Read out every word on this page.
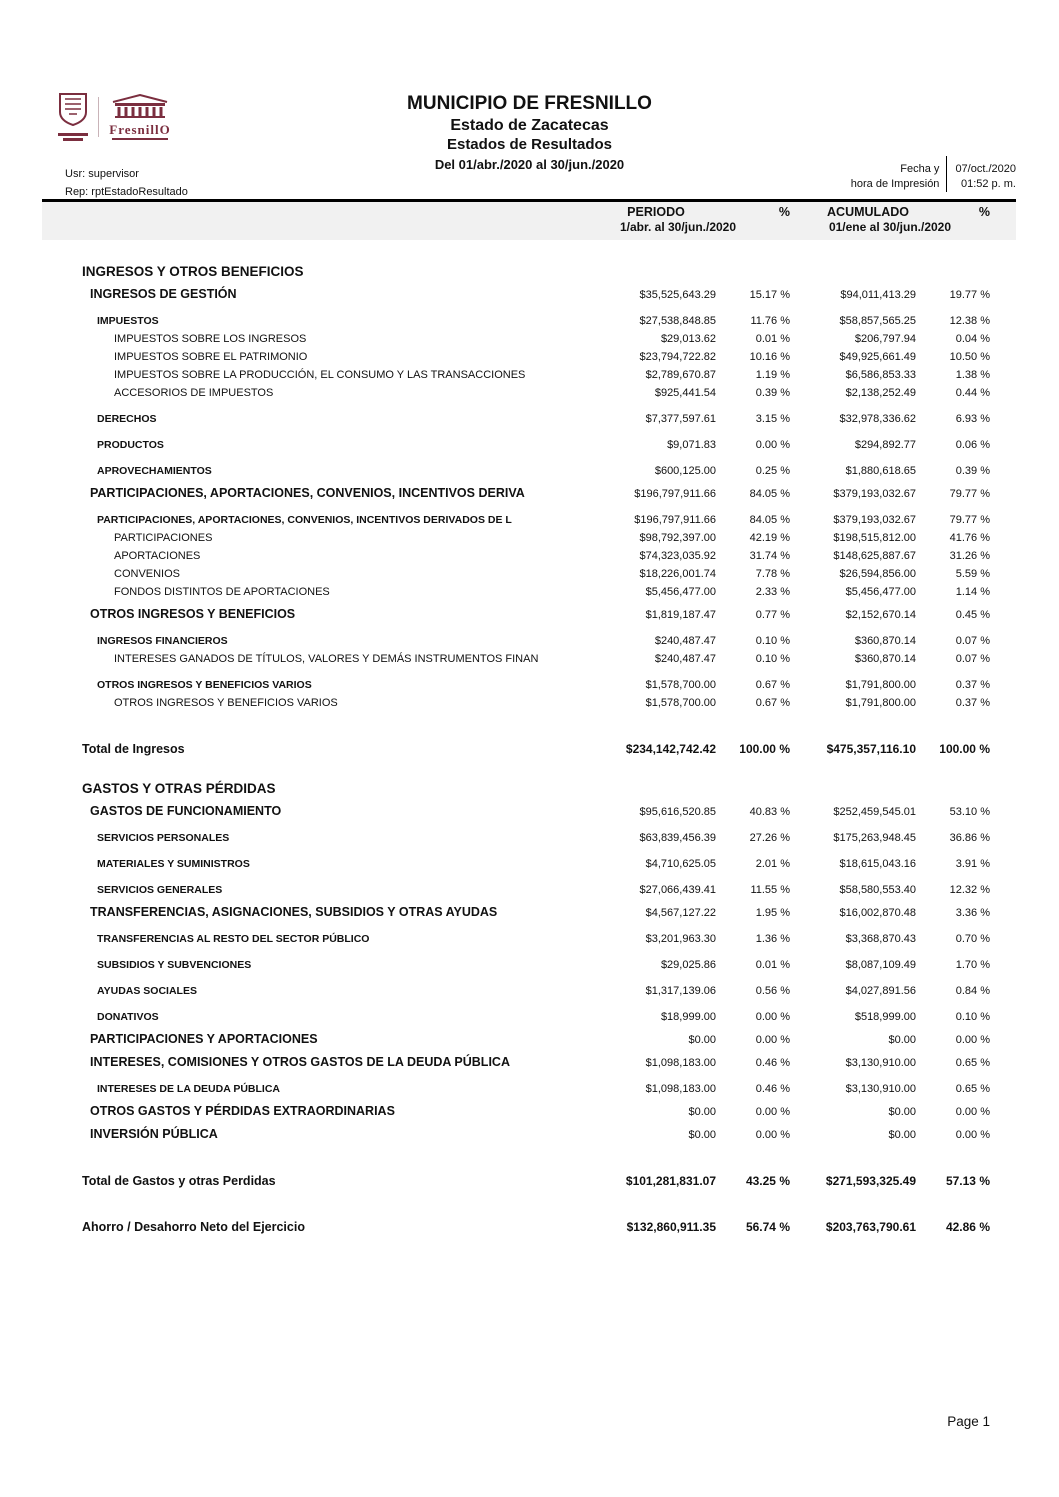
FresnillO
MUNICIPIO DE FRESNILLO
Estado de Zacatecas
Estados de Resultados
Del 01/abr./2020 al 30/jun./2020
Usr: supervisor
Rep: rptEstadoResultado
Fecha y
hora de Impresión
07/oct./2020
01:52 p. m.
PERIODO	%
1/abr. al 30/jun./2020
ACUMULADO	%
01/ene al 30/jun./2020
INGRESOS Y OTROS BENEFICIOS
INGRESOS DE GESTIÓN	$35,525,643.29	15.17 %	$94,011,413.29	19.77 %
IMPUESTOS	$27,538,848.85	11.76 %	$58,857,565.25	12.38 %
IMPUESTOS SOBRE LOS INGRESOS	$29,013.62	0.01 %	$206,797.94	0.04 %
IMPUESTOS SOBRE EL PATRIMONIO	$23,794,722.82	10.16 %	$49,925,661.49	10.50 %
IMPUESTOS SOBRE LA PRODUCCIÓN, EL CONSUMO Y LAS TRANSACCIONES	$2,789,670.87	1.19 %	$6,586,853.33	1.38 %
ACCESORIOS DE IMPUESTOS	$925,441.54	0.39 %	$2,138,252.49	0.44 %
DERECHOS	$7,377,597.61	3.15 %	$32,978,336.62	6.93 %
PRODUCTOS	$9,071.83	0.00 %	$294,892.77	0.06 %
APROVECHAMIENTOS	$600,125.00	0.25 %	$1,880,618.65	0.39 %
PARTICIPACIONES, APORTACIONES, CONVENIOS, INCENTIVOS DERIVA	$196,797,911.66	84.05 %	$379,193,032.67	79.77 %
PARTICIPACIONES, APORTACIONES, CONVENIOS, INCENTIVOS DERIVADOS DE L	$196,797,911.66	84.05 %	$379,193,032.67	79.77 %
PARTICIPACIONES	$98,792,397.00	42.19 %	$198,515,812.00	41.76 %
APORTACIONES	$74,323,035.92	31.74 %	$148,625,887.67	31.26 %
CONVENIOS	$18,226,001.74	7.78 %	$26,594,856.00	5.59 %
FONDOS DISTINTOS DE APORTACIONES	$5,456,477.00	2.33 %	$5,456,477.00	1.14 %
OTROS INGRESOS Y BENEFICIOS	$1,819,187.47	0.77 %	$2,152,670.14	0.45 %
INGRESOS FINANCIEROS	$240,487.47	0.10 %	$360,870.14	0.07 %
INTERESES GANADOS DE TÍTULOS, VALORES Y DEMÁS INSTRUMENTOS FINAN	$240,487.47	0.10 %	$360,870.14	0.07 %
OTROS INGRESOS Y BENEFICIOS VARIOS	$1,578,700.00	0.67 %	$1,791,800.00	0.37 %
OTROS INGRESOS Y BENEFICIOS VARIOS	$1,578,700.00	0.67 %	$1,791,800.00	0.37 %
Total de Ingresos	$234,142,742.42	100.00 %	$475,357,116.10	100.00 %
GASTOS Y OTRAS PÉRDIDAS
GASTOS DE FUNCIONAMIENTO	$95,616,520.85	40.83 %	$252,459,545.01	53.10 %
SERVICIOS PERSONALES	$63,839,456.39	27.26 %	$175,263,948.45	36.86 %
MATERIALES Y SUMINISTROS	$4,710,625.05	2.01 %	$18,615,043.16	3.91 %
SERVICIOS GENERALES	$27,066,439.41	11.55 %	$58,580,553.40	12.32 %
TRANSFERENCIAS, ASIGNACIONES, SUBSIDIOS Y OTRAS AYUDAS	$4,567,127.22	1.95 %	$16,002,870.48	3.36 %
TRANSFERENCIAS AL RESTO DEL SECTOR PÚBLICO	$3,201,963.30	1.36 %	$3,368,870.43	0.70 %
SUBSIDIOS Y SUBVENCIONES	$29,025.86	0.01 %	$8,087,109.49	1.70 %
AYUDAS SOCIALES	$1,317,139.06	0.56 %	$4,027,891.56	0.84 %
DONATIVOS	$18,999.00	0.00 %	$518,999.00	0.10 %
PARTICIPACIONES Y APORTACIONES	$0.00	0.00 %	$0.00	0.00 %
INTERESES, COMISIONES Y OTROS GASTOS DE LA DEUDA PÚBLICA	$1,098,183.00	0.46 %	$3,130,910.00	0.65 %
INTERESES DE LA DEUDA PÚBLICA	$1,098,183.00	0.46 %	$3,130,910.00	0.65 %
OTROS GASTOS Y PÉRDIDAS EXTRAORDINARIAS	$0.00	0.00 %	$0.00	0.00 %
INVERSIÓN PÚBLICA	$0.00	0.00 %	$0.00	0.00 %
Total de Gastos y otras Perdidas	$101,281,831.07	43.25 %	$271,593,325.49	57.13 %
Ahorro / Desahorro Neto del Ejercicio	$132,860,911.35	56.74 %	$203,763,790.61	42.86 %
Page 1
